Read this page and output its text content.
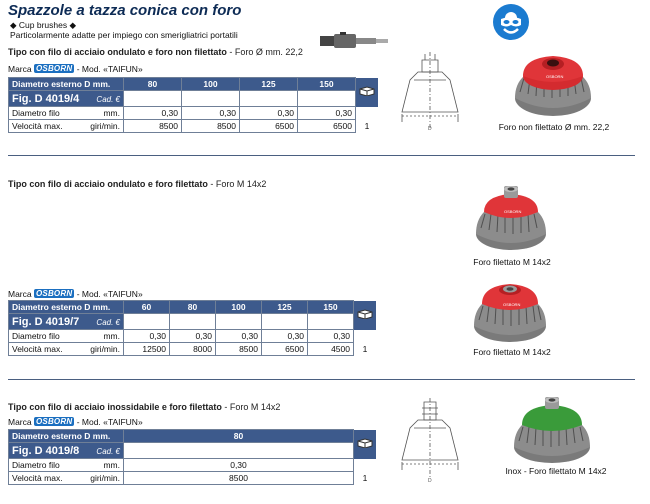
Spazzole a tazza conica con foro
◆ Cup brushes ◆
Particolarmente adatte per impiego con smerigliatrici portatili
Tipo con filo di acciaio ondulato e foro non filettato - Foro Ø mm. 22,2
Marca OSBORN - Mod. «TAIFUN»
Diametro esterno D mm.	80	100	125	150	
Fig. D 4019/4 Cad. €					

Diametro filo mm.	0,30	0,30	0,30	0,30	
Velocità max. giri/min.	8500	8500	6500	6500	1	D
OSBORN
Foro non filettato Ø mm. 22,2
Tipo con filo di acciaio ondulato e foro filettato - Foro M 14x2
OSBORN
Foro filettato M 14x2
Marca OSBORN - Mod. «TAIFUN»
Diametro esterno D mm.	60	80	100	125	150	
Fig. D 4019/7 Cad. €						

Diametro filo mm.	0,30	0,30	0,30	0,30	0,30	
Velocità max. giri/min.	12500	8000	8500	6500	4500	1
OSBORN
Foro filettato M 14x2
Tipo con filo di acciaio inossidabile e foro filettato - Foro M 14x2
Marca OSBORN - Mod. «TAIFUN»
Diametro esterno D mm.	80	
Fig. D 4019/8 Cad. €		

Diametro filo mm.	0,30	
Velocità max. giri/min.	8500	1	D
Inox - Foro filettato M 14x2
